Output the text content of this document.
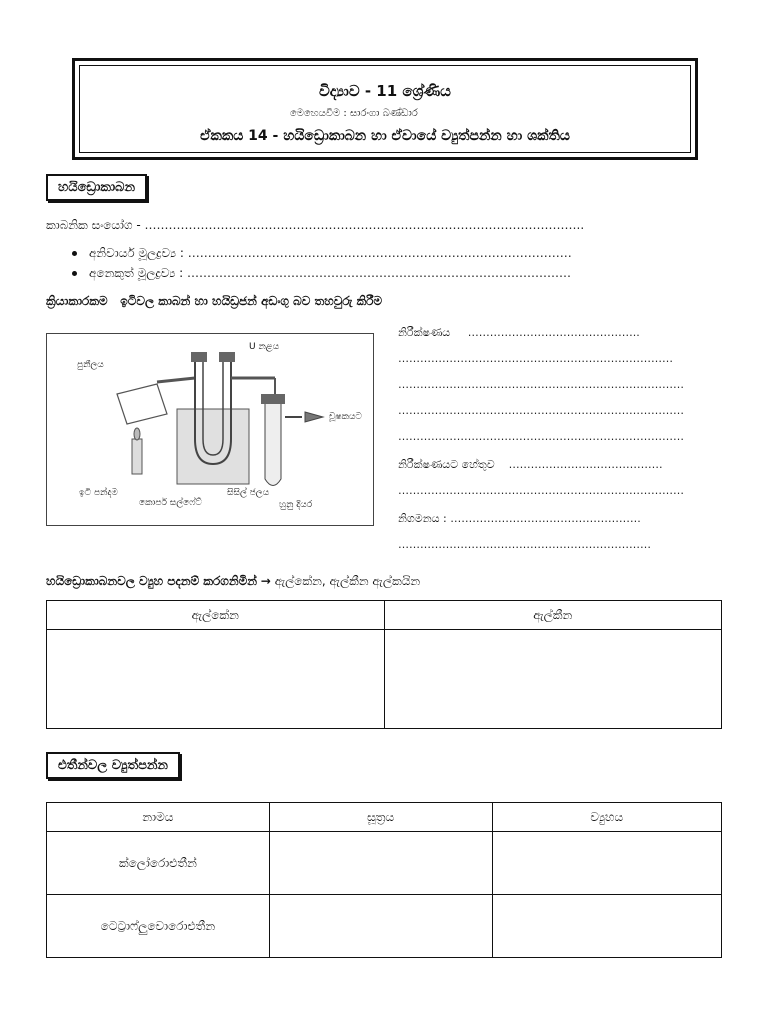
විද්‍යාව - 11 ශ්‍රේණිය
මෙහෙයවීම : සාරංගා බණ්ඩාර
ඒකකය 14 - හයිඩ්‍රොකාබන හා ඒවායේ ව්‍යුත්පන්න හා ශක්තිය
හයිඩ්‍රොකාබන
කාබනික සංයෝග - ………………………………………………………………………………………………..
අනිවාර්ය මූලද්‍රව්‍ය : ……………………………………………………………………………………
අනෙකුත් මූලද්‍රව්‍ය : ……………………………………………………………………………………
ක්‍රියාකාරකම ඉටිවල කාබන් හා හයිඩ්‍රජන් අඩංගු බව තහවුරු කිරීම
පුනීලය
U නළය
චූෂකයට
ඉටි පන්දම
කොපර් සල්ෆේට්
සිසිල් ජලය
හුනු දියර
නිරීක්ෂණය ………………………………………..
…………………………………………………………………
……………………………………………………………………
……………………………………………………………………
……………………………………………………………………
නිරීක්ෂණයට හේතුව ……………………………………
……………………………………………………………………
නිගමනය : …………………………………………….
……………………………………………………………
හයිඩ්‍රොකාබනවල ව්‍යුහ පදනම් කරගනිමින් → ඇල්කේන, ඇල්කීන ඇල්කයින
ඇල්කේන	ඇල්කීන

එතීන්වල ව්‍යුත්පන්න
නාමය	සූත්‍රය	ව්‍යුහය
ක්ලෝරොඑතීන්		
ටෙට්‍රාෆ්ලුවොරොඑතීන		
